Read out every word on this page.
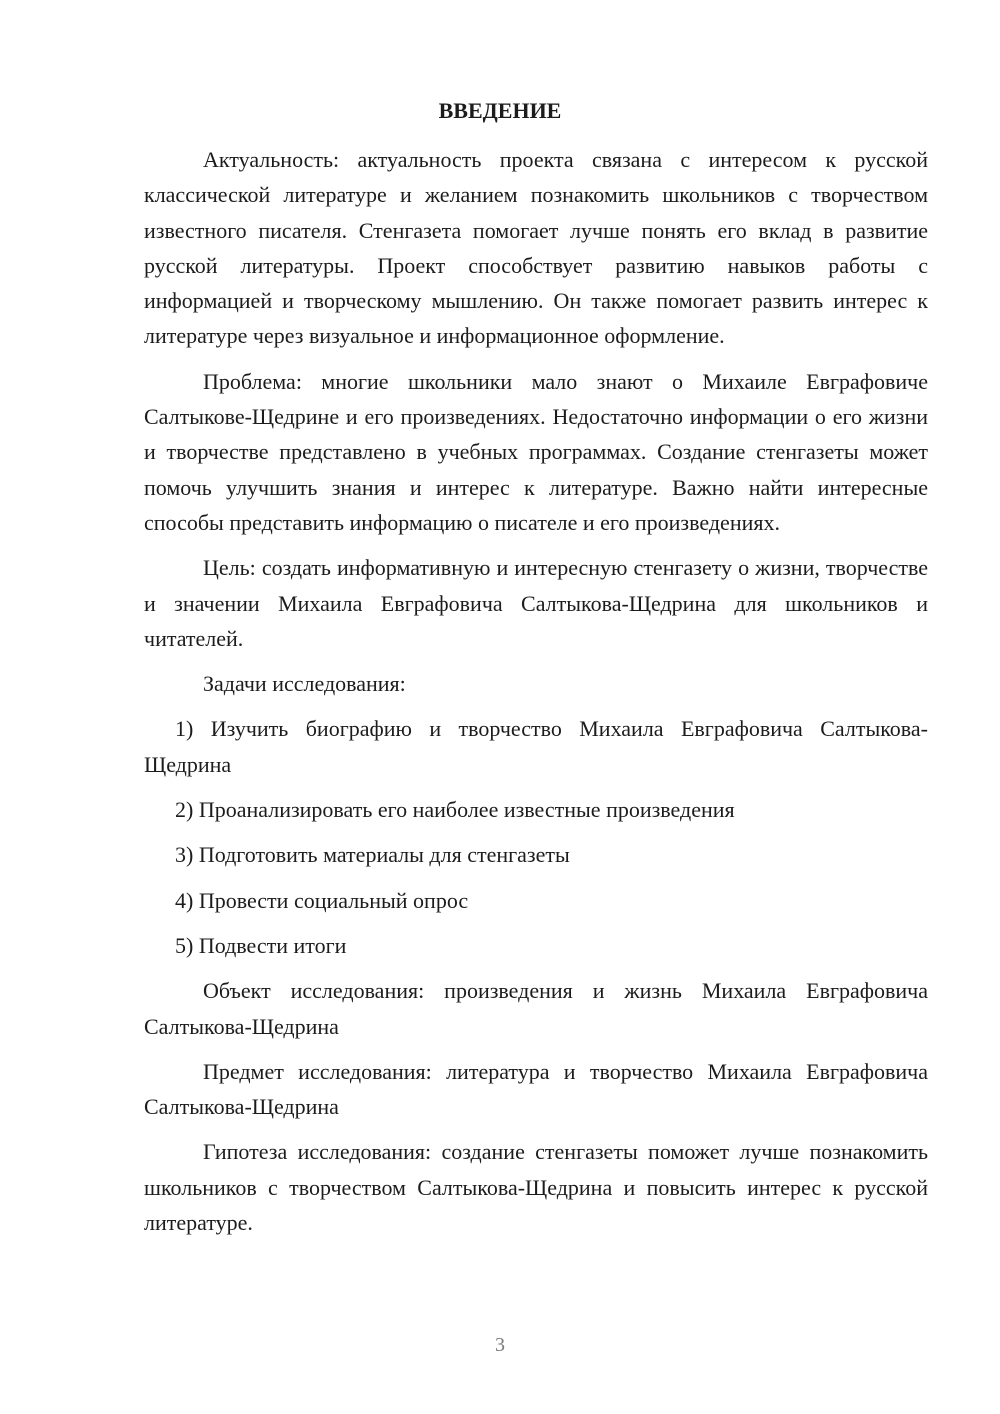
ВВЕДЕНИЕ

Актуальность: актуальность проекта связана с интересом к русской классической литературе и желанием познакомить школьников с творчеством известного писателя. Стенгазета помогает лучше понять его вклад в развитие русской литературы. Проект способствует развитию навыков работы с информацией и творческому мышлению. Он также помогает развить интерес к литературе через визуальное и информационное оформление.

Проблема: многие школьники мало знают о Михаиле Евграфовиче Салтыкове-Щедрине и его произведениях. Недостаточно информации о его жизни и творчестве представлено в учебных программах. Создание стенгазеты может помочь улучшить знания и интерес к литературе. Важно найти интересные способы представить информацию о писателе и его произведениях.

Цель: создать информативную и интересную стенгазету о жизни, творчестве и значении Михаила Евграфовича Салтыкова-Щедрина для школьников и читателей.

Задачи исследования:

1) Изучить биографию и творчество Михаила Евграфовича Салтыкова-Щедрина

2) Проанализировать его наиболее известные произведения

3) Подготовить материалы для стенгазеты

4) Провести социальный опрос

5) Подвести итоги

Объект исследования: произведения и жизнь Михаила Евграфовича Салтыкова-Щедрина

Предмет исследования: литература и творчество Михаила Евграфовича Салтыкова-Щедрина

Гипотеза исследования: создание стенгазеты поможет лучше познакомить школьников с творчеством Салтыкова-Щедрина и повысить интерес к русской литературе.

3
